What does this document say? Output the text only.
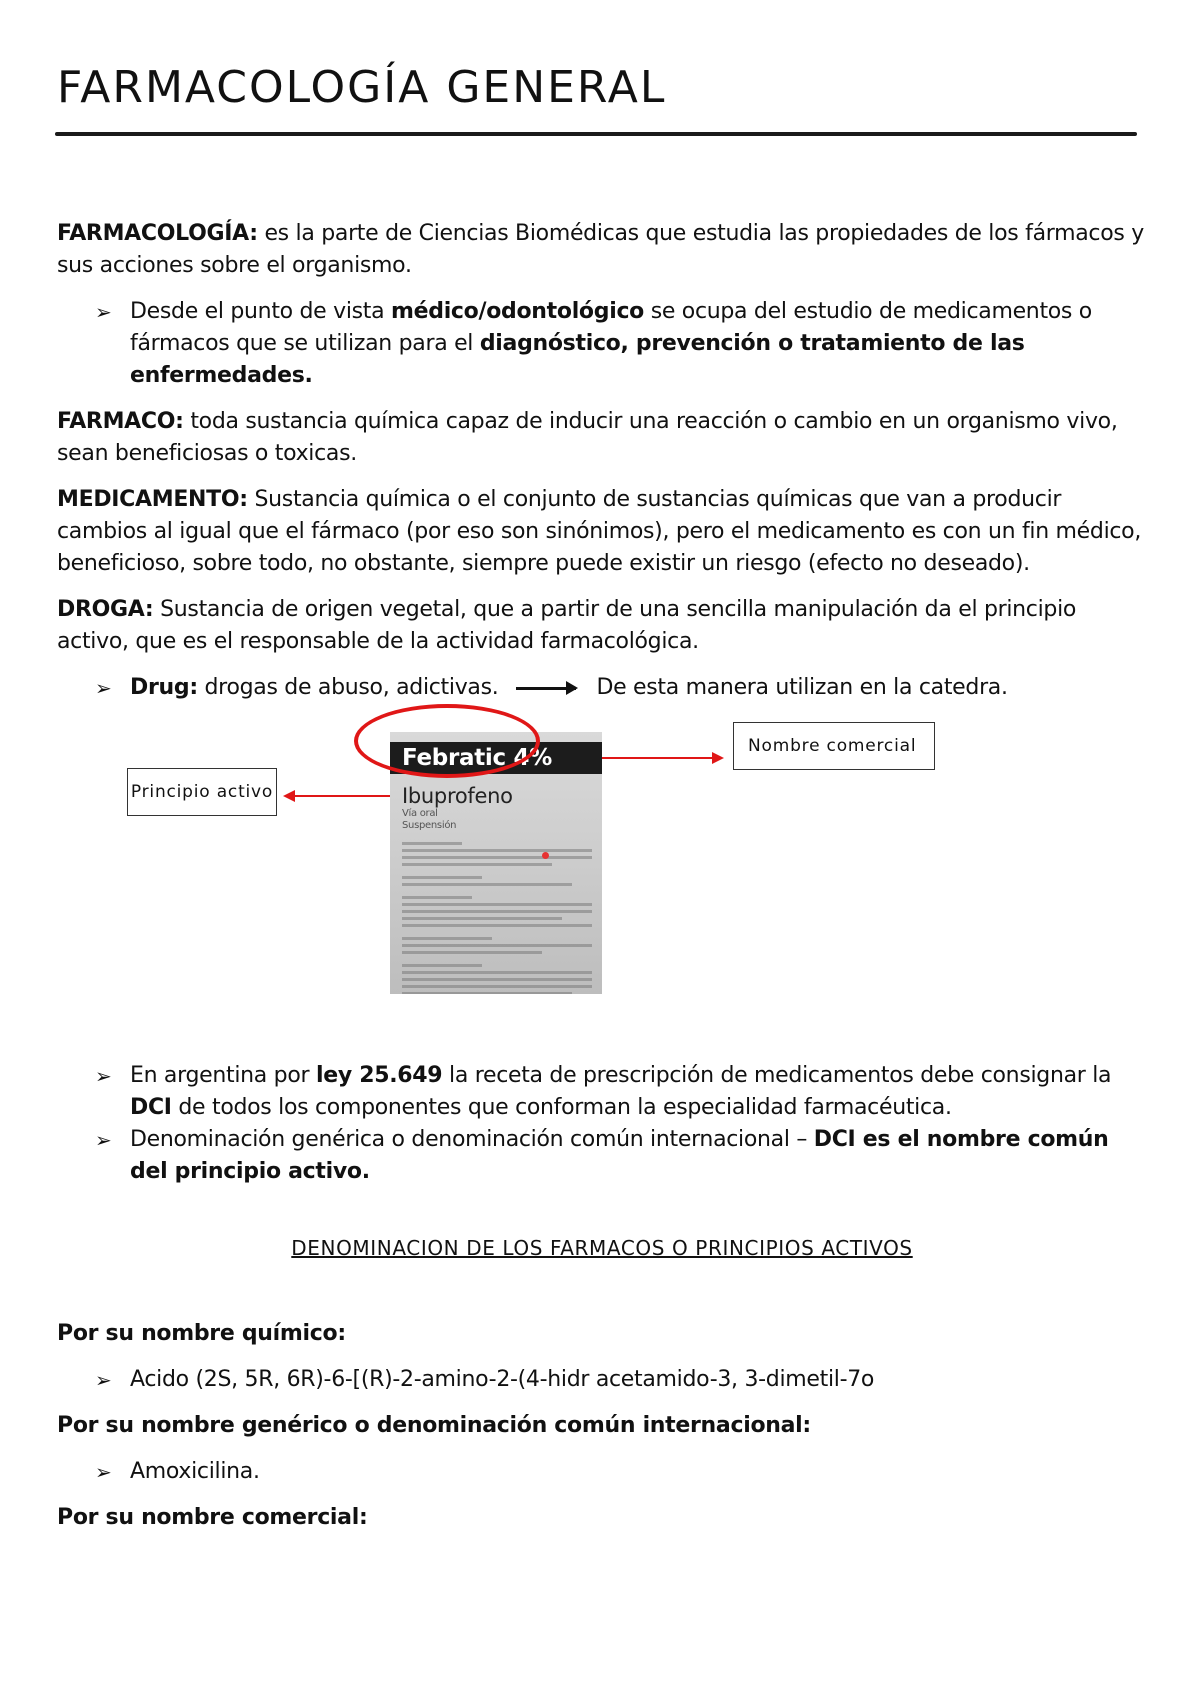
FARMACOLOGÍA GENERAL

FARMACOLOGÍA: es la parte de Ciencias Biomédicas que estudia las propiedades de los fármacos y sus acciones sobre el organismo.

➢ Desde el punto de vista médico/odontológico se ocupa del estudio de medicamentos o fármacos que se utilizan para el diagnóstico, prevención o tratamiento de las enfermedades.

FARMACO: toda sustancia química capaz de inducir una reacción o cambio en un organismo vivo, sean beneficiosas o toxicas.

MEDICAMENTO: Sustancia química o el conjunto de sustancias químicas que van a producir cambios al igual que el fármaco (por eso son sinónimos), pero el medicamento es con un fin médico, beneficioso, sobre todo, no obstante, siempre puede existir un riesgo (efecto no deseado).

DROGA: Sustancia de origen vegetal, que a partir de una sencilla manipulación da el principio activo, que es el responsable de la actividad farmacológica.

➢ Drug: drogas de abuso, adictivas.	De esta manera utilizan en la catedra.
Principio activo
Febratic 4%
Ibuprofeno
Vía oral
Suspensión
Nombre comercial
➢ En argentina por ley 25.649 la receta de prescripción de medicamentos debe consignar la DCI de todos los componentes que conforman la especialidad farmacéutica.
➢ Denominación genérica o denominación común internacional – DCI es el nombre común del principio activo.

DENOMINACION DE LOS FARMACOS O PRINCIPIOS ACTIVOS

Por su nombre químico:

➢ Acido (2S, 5R, 6R)-6-[(R)-2-amino-2-(4-hidr acetamido-3, 3-dimetil-7o

Por su nombre genérico o denominación común internacional:

➢ Amoxicilina.

Por su nombre comercial:
